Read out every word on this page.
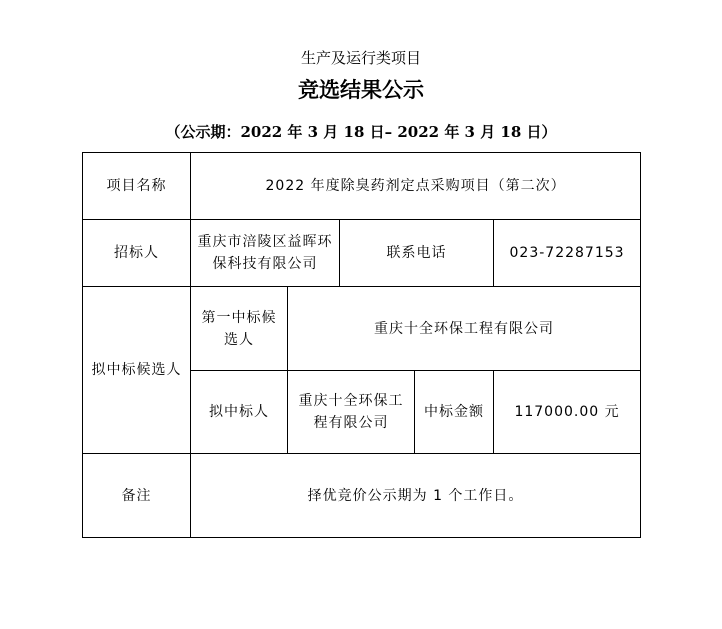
生产及运行类项目
竞选结果公示
（公示期：2022 年 3 月 18 日– 2022 年 3 月 18 日）
项目名称	2022 年度除臭药剂定点采购项目（第二次）				
招标人	重庆市涪陵区益晖环保科技有限公司		联系电话		023-72287153
拟中标候选人	第一中标候选人	重庆十全环保工程有限公司			
	拟中标人	重庆十全环保工程有限公司		中标金额	117000.00 元
备注	择优竞价公示期为 1 个工作日。				
